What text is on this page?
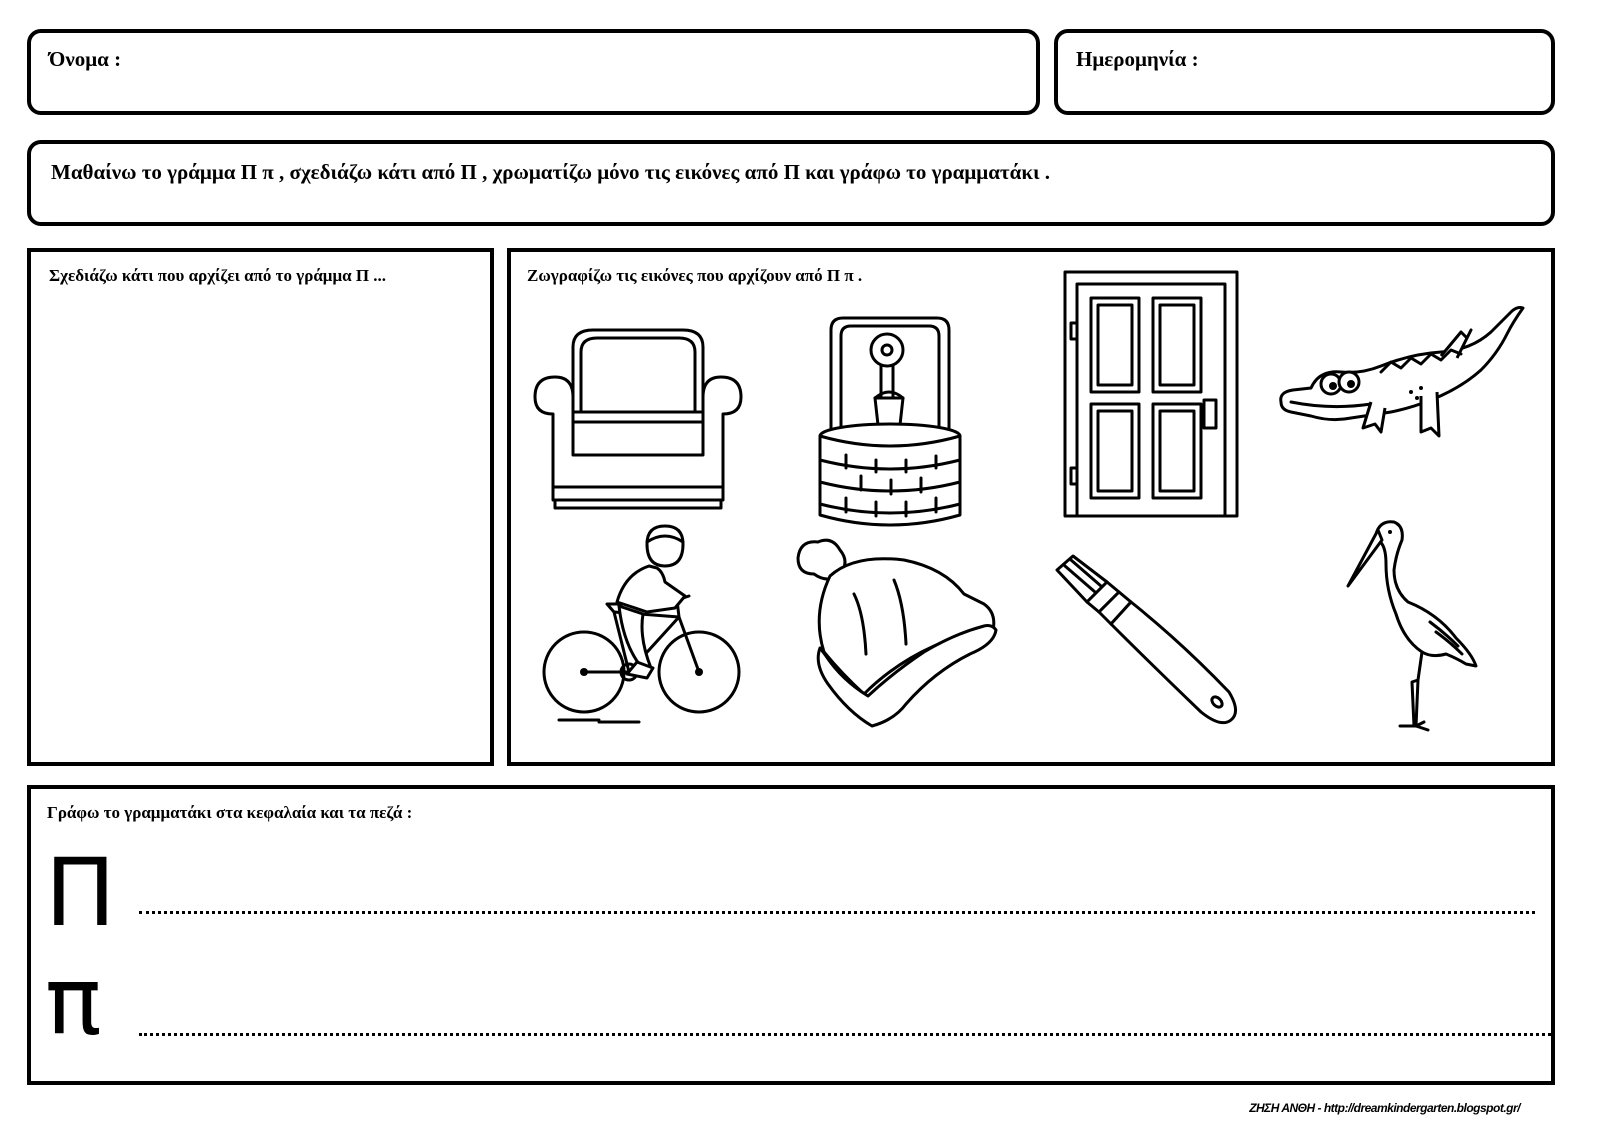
Όνομα :	Ημερομηνία :
Μαθαίνω το γράμμα Π π , σχεδιάζω κάτι από Π , χρωματίζω μόνο τις εικόνες από Π και γράφω το γραμματάκι .
Σχεδιάζω κάτι που αρχίζει από το γράμμα Π ...	Ζωγραφίζω τις εικόνες που αρχίζουν από Π π .
Γράφω το γραμματάκι στα κεφαλαία και τα πεζά :
Π
π
ΖΗΣΗ ΑΝΘΗ - http://dreamkindergarten.blogspot.gr/
